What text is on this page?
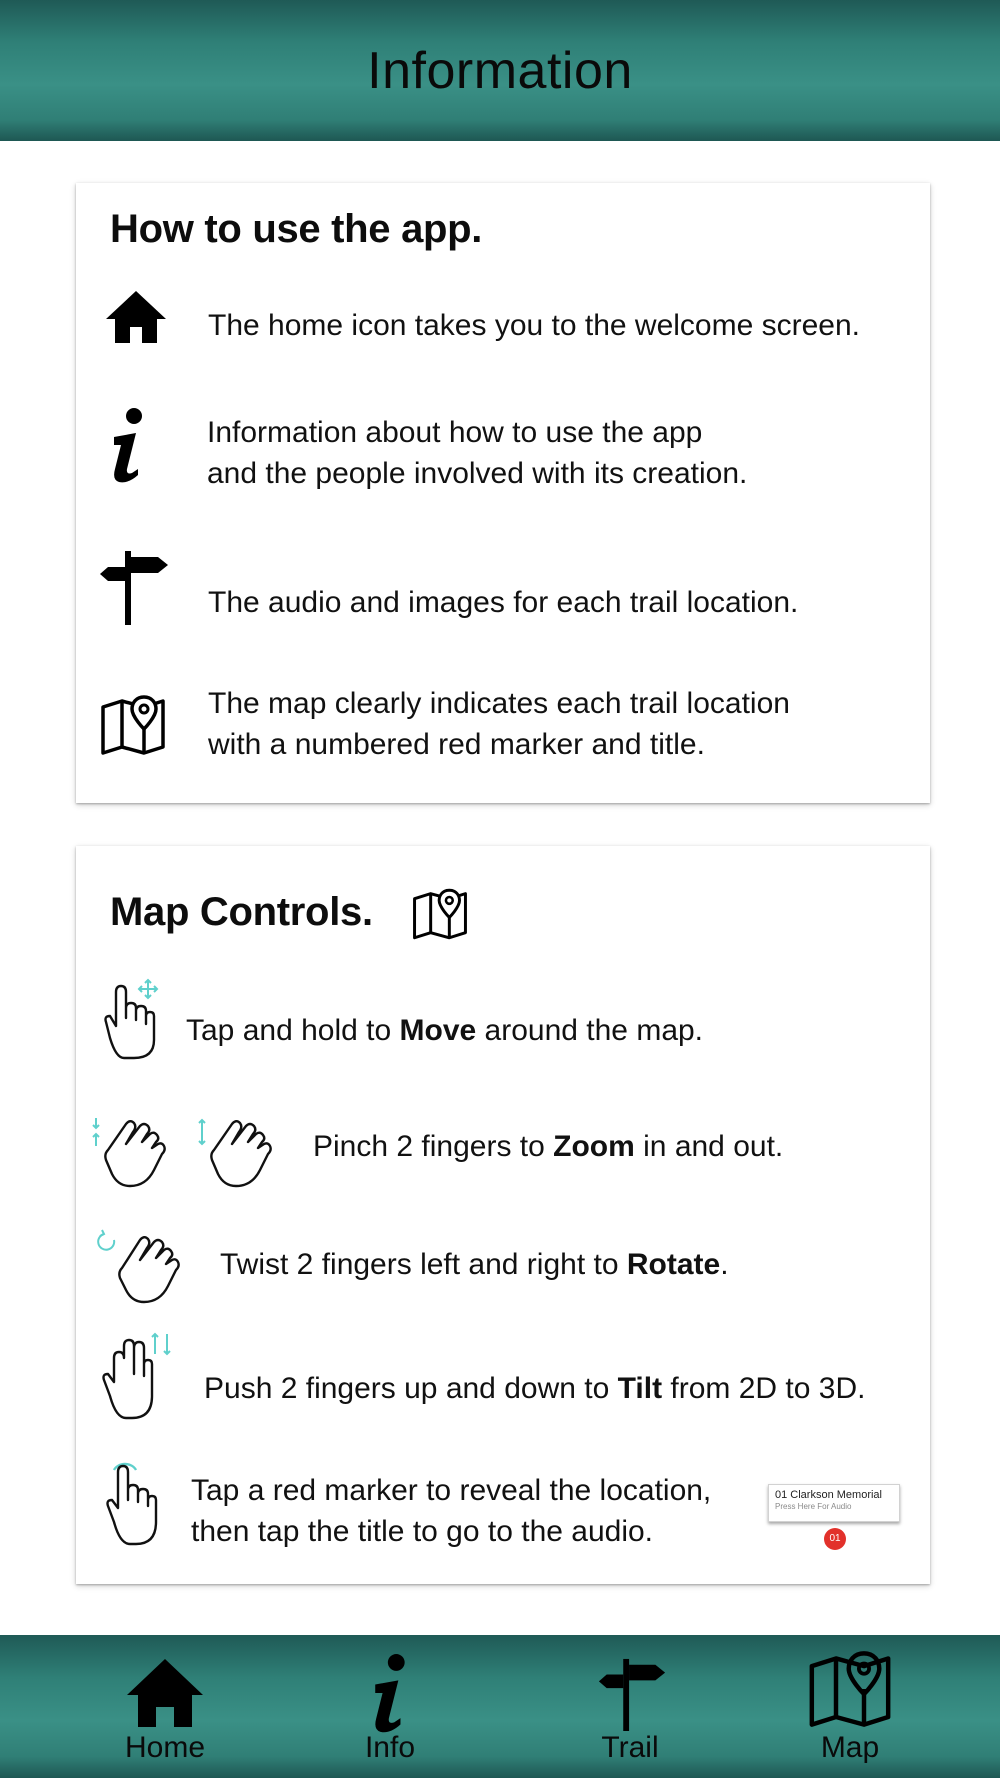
Information
How to use the app.
The home icon takes you to the welcome screen.
Information about how to use the app
and the people involved with its creation.
The audio and images for each trail location.
The map clearly indicates each trail location
with a numbered red marker and title.
Map Controls.
Tap and hold to Move around the map.
Pinch 2 fingers to Zoom in and out.
Twist 2 fingers left and right to Rotate.
Push 2 fingers up and down to Tilt from 2D to 3D.
Tap a red marker to reveal the location,
then tap the title to go to the audio.
01 Clarkson Memorial
Press Here For Audio
01
Home	Info	Trail	Map
